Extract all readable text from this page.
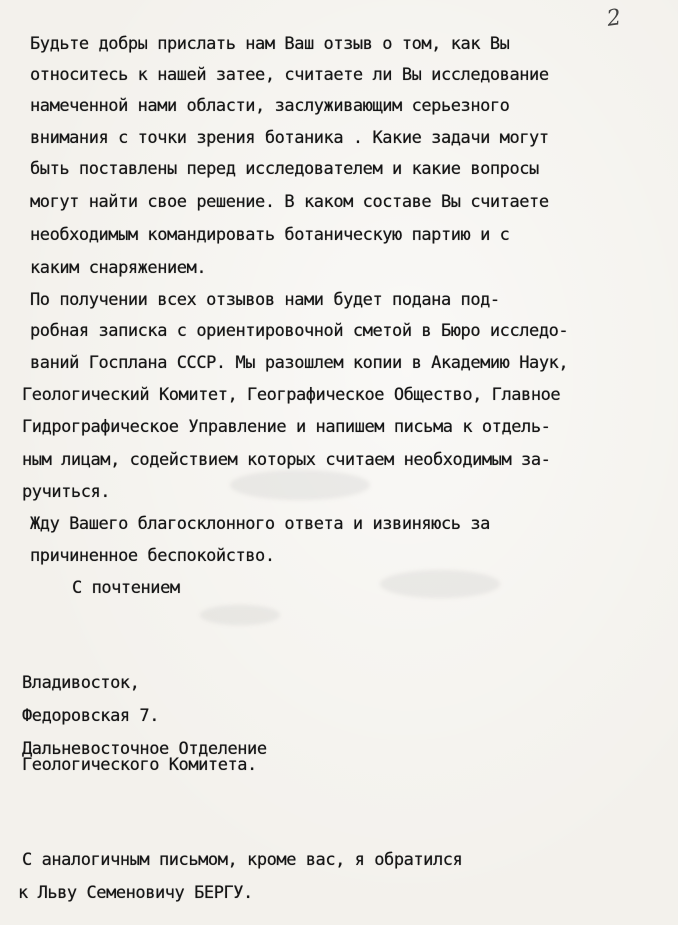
2
Будьте добры прислать нам Ваш отзыв о том, как Вы
относитесь к нашей затее, считаете ли Вы исследование
намеченной нами области, заслуживающим серьезного
внимания с точки зрения ботаника . Какие задачи могут
быть поставлены перед исследователем и какие вопросы
могут найти свое решение. В каком составе Вы считаете
необходимым командировать ботаническую партию и с
каким снаряжением.
По получении всех отзывов нами будет подана под-
робная записка с ориентировочной сметой в Бюро исследо-
ваний Госплана СССР. Мы разошлем копии в Академию Наук,
Геологический Комитет, Географическое Общество, Главное
Гидрографическое Управление и напишем письма к отдель-
ным лицам, содействием которых считаем необходимым за-
ручиться.
Жду Вашего благосклонного ответа и извиняюсь за
причиненное беспокойство.
С почтением
Владивосток,
Федоровская 7.
Дальневосточное Отделение
Геологического Комитета.
С аналогичным письмом, кроме вас, я обратился
к Льву Семеновичу БЕРГУ.
